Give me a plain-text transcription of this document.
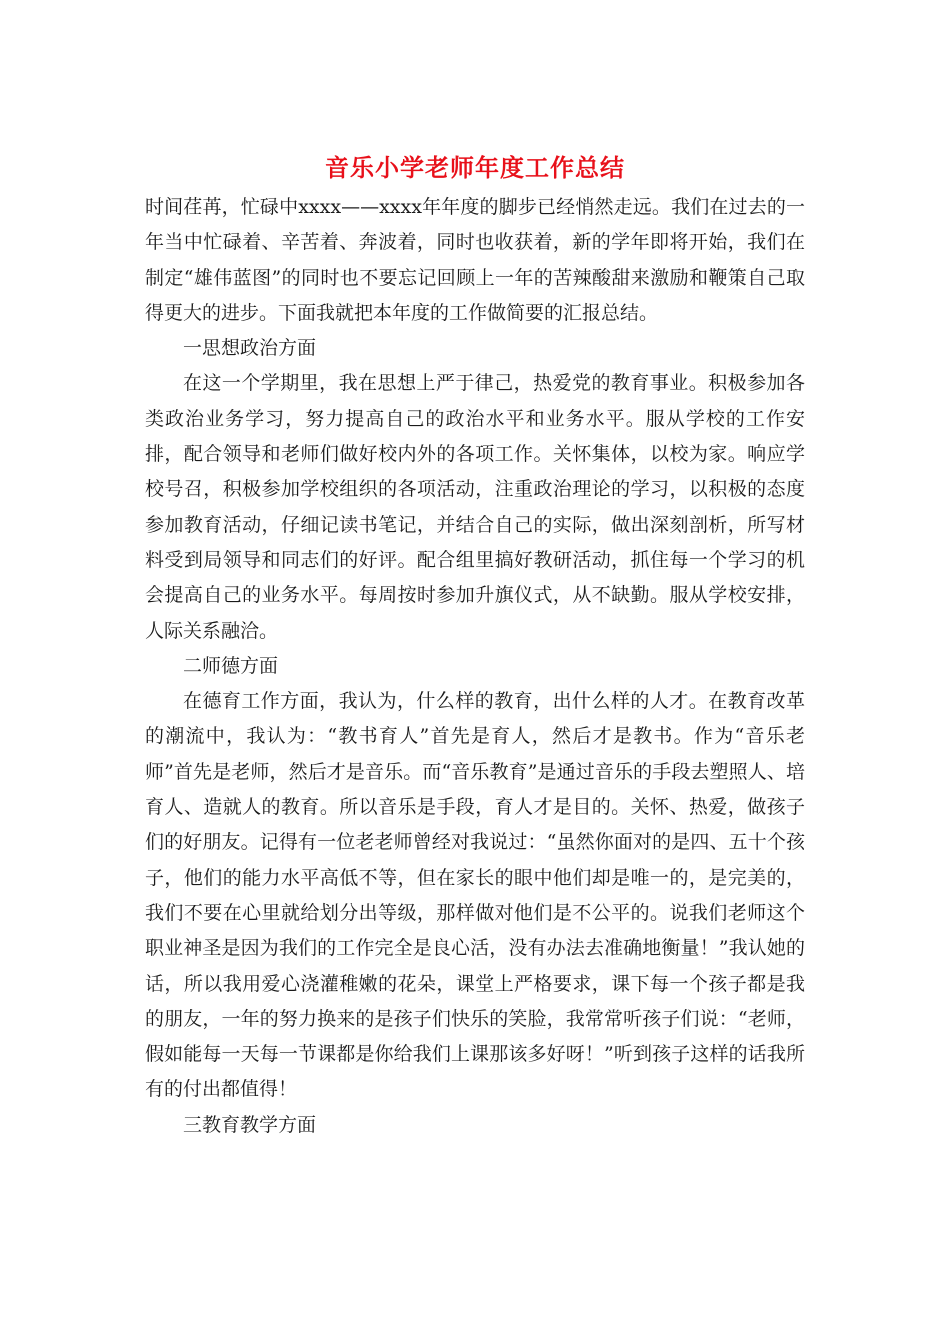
音乐小学老师年度工作总结

时间荏苒，忙碌中xxxx——xxxx年年度的脚步已经悄然走远。我们在过去的一年当中忙碌着、辛苦着、奔波着，同时也收获着，新的学年即将开始，我们在制定“雄伟蓝图”的同时也不要忘记回顾上一年的苦辣酸甜来激励和鞭策自己取得更大的进步。下面我就把本年度的工作做简要的汇报总结。

一思想政治方面

在这一个学期里，我在思想上严于律己，热爱党的教育事业。积极参加各类政治业务学习，努力提高自己的政治水平和业务水平。服从学校的工作安排，配合领导和老师们做好校内外的各项工作。关怀集体，以校为家。响应学校号召，积极参加学校组织的各项活动，注重政治理论的学习，以积极的态度参加教育活动，仔细记读书笔记，并结合自己的实际，做出深刻剖析，所写材料受到局领导和同志们的好评。配合组里搞好教研活动，抓住每一个学习的机会提高自己的业务水平。每周按时参加升旗仪式，从不缺勤。服从学校安排，人际关系融洽。

二师德方面

在德育工作方面，我认为，什么样的教育，出什么样的人才。在教育改革的潮流中，我认为：“教书育人”首先是育人，然后才是教书。作为“音乐老师”首先是老师，然后才是音乐。而“音乐教育”是通过音乐的手段去塑照人、培育人、造就人的教育。所以音乐是手段，育人才是目的。关怀、热爱，做孩子们的好朋友。记得有一位老老师曾经对我说过：“虽然你面对的是四、五十个孩子，他们的能力水平高低不等，但在家长的眼中他们却是唯一的，是完美的，我们不要在心里就给划分出等级，那样做对他们是不公平的。说我们老师这个职业神圣是因为我们的工作完全是良心活，没有办法去准确地衡量！”我认她的话，所以我用爱心浇灌稚嫩的花朵，课堂上严格要求，课下每一个孩子都是我的朋友，一年的努力换来的是孩子们快乐的笑脸，我常常听孩子们说：“老师，假如能每一天每一节课都是你给我们上课那该多好呀！”听到孩子这样的话我所有的付出都值得！

三教育教学方面
